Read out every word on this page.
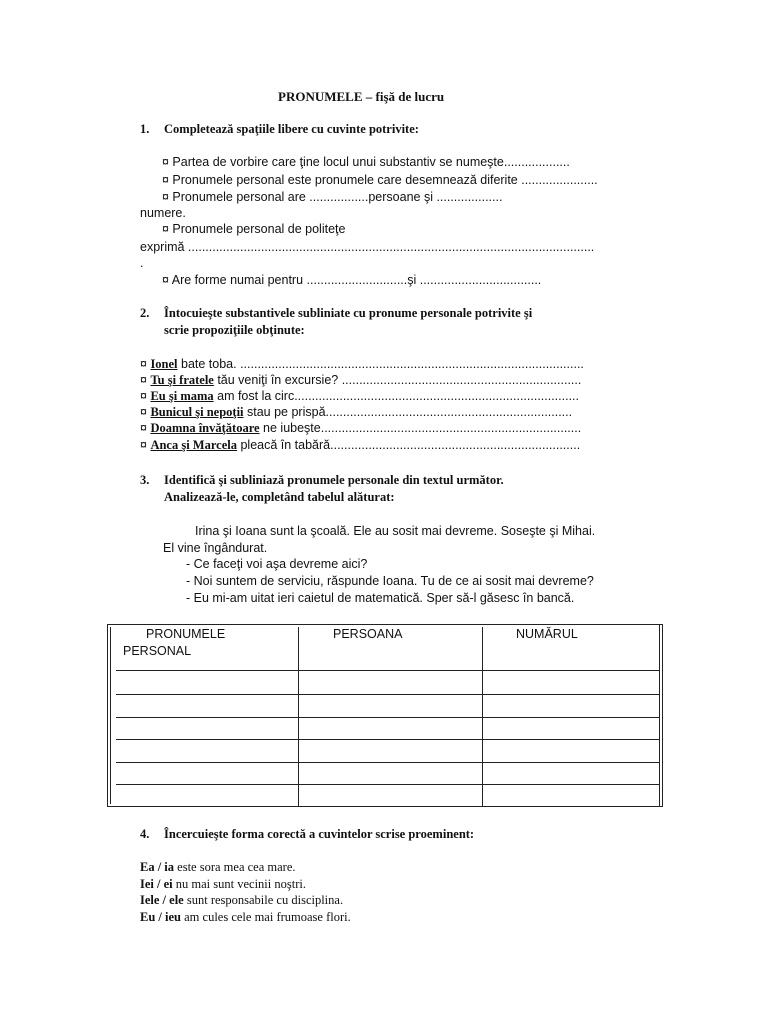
PRONUMELE – fişă de lucru
1. Completează spaţiile libere cu cuvinte potrivite:
¤ Partea de vorbire care ţine locul unui substantiv se numeşte...................
¤ Pronumele personal este pronumele care desemnează diferite ......................
¤ Pronumele personal are .................persoane şi ...................
numere.
¤ Pronumele personal de politeţe
exprimă .....................................................................................................................
.
¤ Are forme numai pentru .............................şi ...................................
2. Întocuieşte substantivele subliniate cu pronume personale potrivite şi
scrie propoziţiile obţinute:
¤ Ionel bate toba. ...................................................................................................
¤ Tu şi fratele tău veniţi în excursie? .....................................................................
¤ Eu şi mama am fost la circ..................................................................................
¤ Bunicul şi nepoţii stau pe prispă.......................................................................
¤ Doamna învăţătoare ne iubeşte...........................................................................
¤ Anca şi Marcela pleacă în tabără........................................................................
3. Identifică şi subliniază pronumele personale din textul următor.
Analizează-le, completând tabelul alăturat:
Irina şi Ioana sunt la şcoală. Ele au sosit mai devreme. Soseşte şi Mihai.
El vine îngândurat.
- Ce faceţi voi aşa devreme aici?
- Noi suntem de serviciu, răspunde Ioana. Tu de ce ai sosit mai devreme?
- Eu mi-am uitat ieri caietul de matematică. Sper să-l găsesc în bancă.
PRONUMELE
PERSONAL
PERSOANA	NUMĂRUL
4. Încercuieşte forma corectă a cuvintelor scrise proeminent:
Ea / ia este sora mea cea mare.
Iei / ei nu mai sunt vecinii noştri.
Iele / ele sunt responsabile cu disciplina.
Eu / ieu am cules cele mai frumoase flori.
